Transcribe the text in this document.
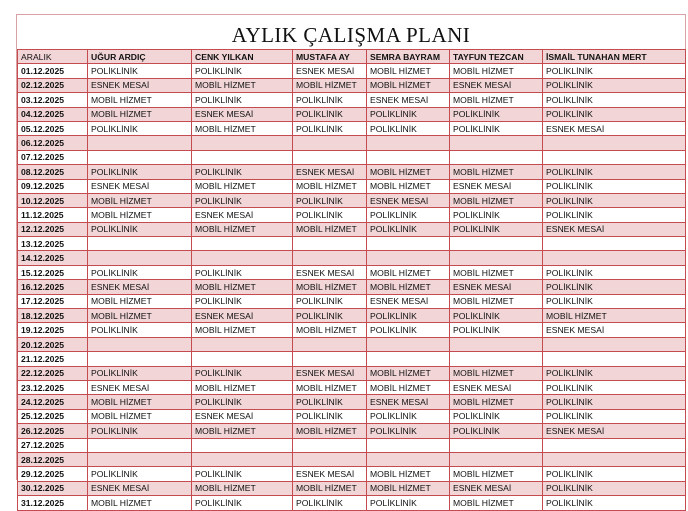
AYLIK ÇALIŞMA PLANI
ARALIK	UĞUR ARDIÇ	CENK YILKAN	MUSTAFA AY	SEMRA BAYRAM	TAYFUN TEZCAN	İSMAİL TUNAHAN MERT
01.12.2025	POLİKLİNİK	POLİKLİNİK	ESNEK MESAİ	MOBİL HİZMET	MOBİL HİZMET	POLİKLİNİK
02.12.2025	ESNEK MESAİ	MOBİL HİZMET	MOBİL HİZMET	MOBİL HİZMET	ESNEK MESAİ	POLİKLİNİK
03.12.2025	MOBİL HİZMET	POLİKLİNİK	POLİKLİNİK	ESNEK MESAİ	MOBİL HİZMET	POLİKLİNİK
04.12.2025	MOBİL HİZMET	ESNEK MESAİ	POLİKLİNİK	POLİKLİNİK	POLİKLİNİK	POLİKLİNİK
05.12.2025	POLİKLİNİK	MOBİL HİZMET	POLİKLİNİK	POLİKLİNİK	POLİKLİNİK	ESNEK MESAİ
06.12.2025						
07.12.2025						
08.12.2025	POLİKLİNİK	POLİKLİNİK	ESNEK MESAİ	MOBİL HİZMET	MOBİL HİZMET	POLİKLİNİK
09.12.2025	ESNEK MESAİ	MOBİL HİZMET	MOBİL HİZMET	MOBİL HİZMET	ESNEK MESAİ	POLİKLİNİK
10.12.2025	MOBİL HİZMET	POLİKLİNİK	POLİKLİNİK	ESNEK MESAİ	MOBİL HİZMET	POLİKLİNİK
11.12.2025	MOBİL HİZMET	ESNEK MESAİ	POLİKLİNİK	POLİKLİNİK	POLİKLİNİK	POLİKLİNİK
12.12.2025	POLİKLİNİK	MOBİL HİZMET	MOBİL HİZMET	POLİKLİNİK	POLİKLİNİK	ESNEK MESAİ
13.12.2025						
14.12.2025						
15.12.2025	POLİKLİNİK	POLİKLİNİK	ESNEK MESAİ	MOBİL HİZMET	MOBİL HİZMET	POLİKLİNİK
16.12.2025	ESNEK MESAİ	MOBİL HİZMET	MOBİL HİZMET	MOBİL HİZMET	ESNEK MESAİ	POLİKLİNİK
17.12.2025	MOBİL HİZMET	POLİKLİNİK	POLİKLİNİK	ESNEK MESAİ	MOBİL HİZMET	POLİKLİNİK
18.12.2025	MOBİL HİZMET	ESNEK MESAİ	POLİKLİNİK	POLİKLİNİK	POLİKLİNİK	MOBİL HİZMET
19.12.2025	POLİKLİNİK	MOBİL HİZMET	MOBİL HİZMET	POLİKLİNİK	POLİKLİNİK	ESNEK MESAİ
20.12.2025						
21.12.2025						
22.12.2025	POLİKLİNİK	POLİKLİNİK	ESNEK MESAİ	MOBİL HİZMET	MOBİL HİZMET	POLİKLİNİK
23.12.2025	ESNEK MESAİ	MOBİL HİZMET	MOBİL HİZMET	MOBİL HİZMET	ESNEK MESAİ	POLİKLİNİK
24.12.2025	MOBİL HİZMET	POLİKLİNİK	POLİKLİNİK	ESNEK MESAİ	MOBİL HİZMET	POLİKLİNİK
25.12.2025	MOBİL HİZMET	ESNEK MESAİ	POLİKLİNİK	POLİKLİNİK	POLİKLİNİK	POLİKLİNİK
26.12.2025	POLİKLİNİK	MOBİL HİZMET	MOBİL HİZMET	POLİKLİNİK	POLİKLİNİK	ESNEK MESAİ
27.12.2025						
28.12.2025						
29.12.2025	POLİKLİNİK	POLİKLİNİK	ESNEK MESAİ	MOBİL HİZMET	MOBİL HİZMET	POLİKLİNİK
30.12.2025	ESNEK MESAİ	MOBİL HİZMET	MOBİL HİZMET	MOBİL HİZMET	ESNEK MESAİ	POLİKLİNİK
31.12.2025	MOBİL HİZMET	POLİKLİNİK	POLİKLİNİK	POLİKLİNİK	MOBİL HİZMET	POLİKLİNİK
